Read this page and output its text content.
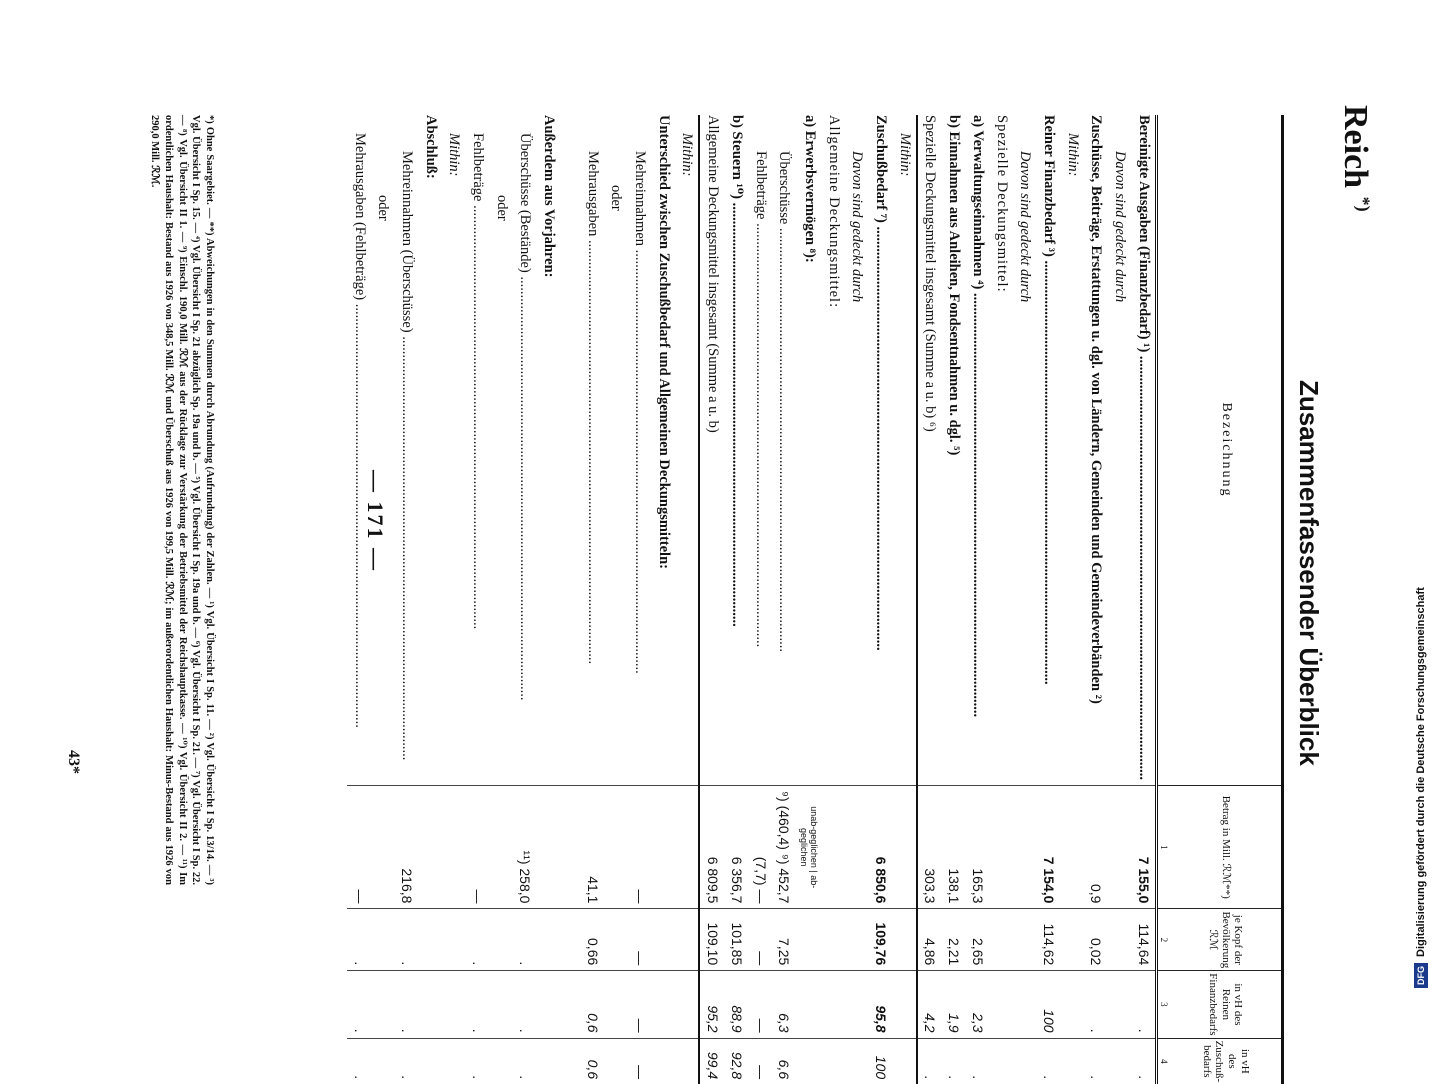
— 171 —
Reich *)
Zusammenfassender Überblick
Bezeichnung	Betrag in Mill. ℛℳ**)	je Kopf der Bevölkerung ℛℳ	in vH des Reinen Finanzbedarfs	in vH des Zuschuß-bedarfs
	1	2	3	4

Bereinigte Ausgaben (Finanzbedarf) ¹) .....	7 155,0	114,64	.	.

Davon sind gedeckt durch				

Zuschüsse, Beiträge, Erstattungen u. dgl. von Ländern, Gemeinden und Gemeindeverbänden ²)	0,9	0,02	.	.

Mithin:				

Reiner Finanzbedarf ³) .....	7 154,0	114,62	100	.

Davon sind gedeckt durch				

Spezielle Deckungsmittel:				

a) Verwaltungseinnahmen ⁴) .....	165,3	2,65	2,3	.

b) Einnahmen aus Anleihen, Fondsentnahmen u. dgl. ⁵)	138,1	2,21	1,9	.

Spezielle Deckungsmittel insgesamt (Summe a u. b) ⁶)	303,3	4,86	4,2	.

Mithin:				

Zuschußbedarf ⁷) .....	6 850,6	109,76	95,8	100

Davon sind gedeckt durch				

Allgemeine Deckungsmittel:				

a) Erwerbsvermögen ⁸):	unab-geglichen | ab-geglichen			

Überschüsse .....	⁹) (460,4) ⁹) 452,7	7,25	6,3	6,6

Fehlbeträge .....	(7,7) —	—	—	—

b) Steuern ¹⁰) .....	6 356,7	101,85	88,9	92,8

Allgemeine Deckungsmittel insgesamt (Summe a u. b)	6 809,5	109,10	95,2	99,4

Mithin:				

Unterschied zwischen Zuschußbedarf und Allgemeinen Deckungsmitteln:				

Mehreinnahmen .....	—	—	—	—

oder				

Mehrausgaben .....	41,1	0,66	0,6	0,6

Außerdem aus Vorjahren:				

Überschüsse (Bestände) .....	¹¹) 258,0	.	.	.

oder				

Fehlbeträge .....	—	.	.	.

Mithin:				

Abschluß:				

Mehreinnahmen (Überschüsse) .....	216,8	.	.	.

oder				

Mehrausgaben (Fehlbeträge) .....	—	.	.	.
*) Ohne Saargebiet. — **) Abweichungen in den Summen durch Abrundung (Aufrundung) der Zahlen. — ¹) Vgl. Übersicht I Sp. 11. — ²) Vgl. Übersicht I Sp. 13/14. — ³) Vgl. Übersicht I Sp. 15. — ⁴) Vgl. Übersicht I Sp. 21 abzüglich Sp. 19a und b. — ⁵) Vgl. Übersicht I Sp. 19a und b. — ⁶) Vgl. Übersicht I Sp. 21. — ⁷) Vgl. Übersicht I Sp. 22. — ⁸) Vgl. Übersicht II 1. — ⁹) Einschl. 190,0 Mill. ℛℳ aus der Rücklage zur Verstärkung der Betriebsmittel der Reichshauptkasse. — ¹⁰) Vgl. Übersicht II 2. — ¹¹) Im ordentlichen Haushalt: Bestand aus 1926 von 348,5 Mill. ℛℳ und Überschuß aus 1926 von 199,5 Mill. ℛℳ; im außerordentlichen Haushalt: Minus-Bestand aus 1926 von 290,0 Mill. ℛℳ.
43*
DFGDigitalisierung gefördert durch die Deutsche Forschungsgemeinschaft
